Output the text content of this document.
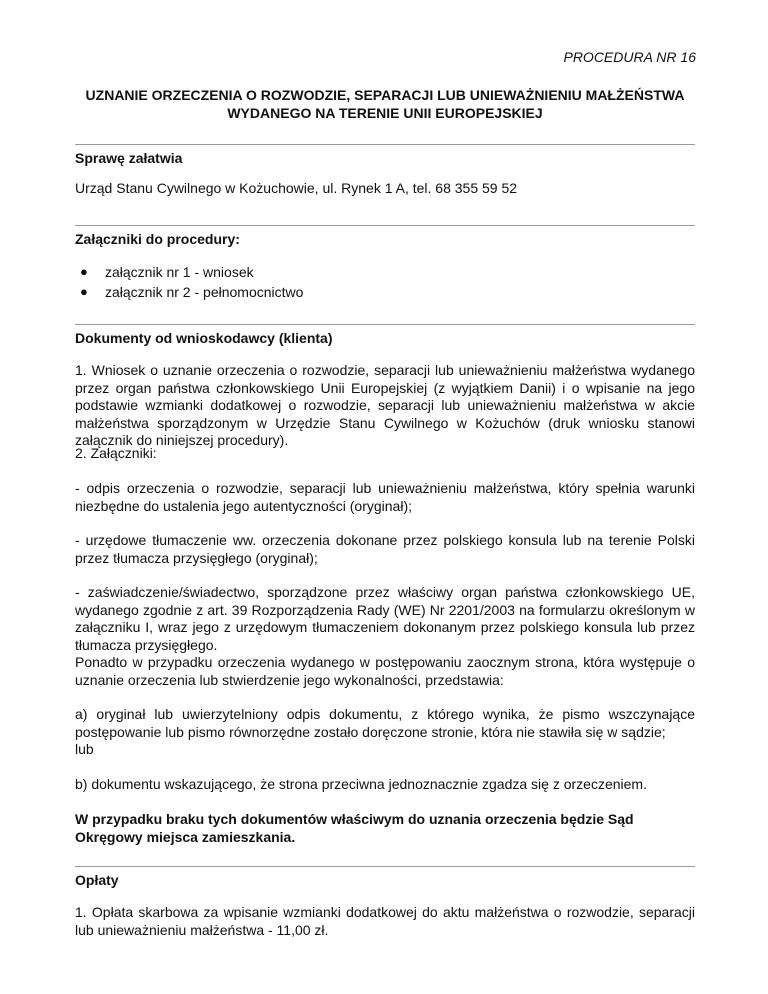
PROCEDURA NR 16
UZNANIE ORZECZENIA O ROZWODZIE, SEPARACJI LUB UNIEWAŻNIENIU MAŁŻEŃSTWA
WYDANEGO NA TERENIE UNII EUROPEJSKIEJ
Sprawę załatwia
Urząd Stanu Cywilnego w Kożuchowie, ul. Rynek 1 A, tel. 68 355 59 52
Załączniki do procedury:
● załącznik nr 1 - wniosek
● załącznik nr 2 - pełnomocnictwo
Dokumenty od wnioskodawcy (klienta)
1. Wniosek o uznanie orzeczenia o rozwodzie, separacji lub unieważnieniu małżeństwa wydanego przez organ państwa członkowskiego Unii Europejskiej (z wyjątkiem Danii) i o wpisanie na jego podstawie wzmianki dodatkowej o rozwodzie, separacji lub unieważnieniu małżeństwa w akcie małżeństwa sporządzonym w Urzędzie Stanu Cywilnego w Kożuchów (druk wniosku stanowi załącznik do niniejszej procedury).
2. Załączniki:
- odpis orzeczenia o rozwodzie, separacji lub unieważnieniu małżeństwa, który spełnia warunki niezbędne do ustalenia jego autentyczności (oryginał);
- urzędowe tłumaczenie ww. orzeczenia dokonane przez polskiego konsula lub na terenie Polski przez tłumacza przysięgłego (oryginał);
- zaświadczenie/świadectwo, sporządzone przez właściwy organ państwa członkowskiego UE, wydanego zgodnie z art. 39 Rozporządzenia Rady (WE) Nr 2201/2003 na formularzu określonym w załączniku I, wraz jego z urzędowym tłumaczeniem dokonanym przez polskiego konsula lub przez tłumacza przysięgłego.
Ponadto w przypadku orzeczenia wydanego w postępowaniu zaocznym strona, która występuje o uznanie orzeczenia lub stwierdzenie jego wykonalności, przedstawia:
a) oryginał lub uwierzytelniony odpis dokumentu, z którego wynika, że pismo wszczynające postępowanie lub pismo równorzędne zostało doręczone stronie, która nie stawiła się w sądzie;
lub
b) dokumentu wskazującego, że strona przeciwna jednoznacznie zgadza się z orzeczeniem.
W przypadku braku tych dokumentów właściwym do uznania orzeczenia będzie Sąd Okręgowy miejsca zamieszkania.
Opłaty
1. Opłata skarbowa za wpisanie wzmianki dodatkowej do aktu małżeństwa o rozwodzie, separacji lub unieważnieniu małżeństwa - 11,00 zł.
